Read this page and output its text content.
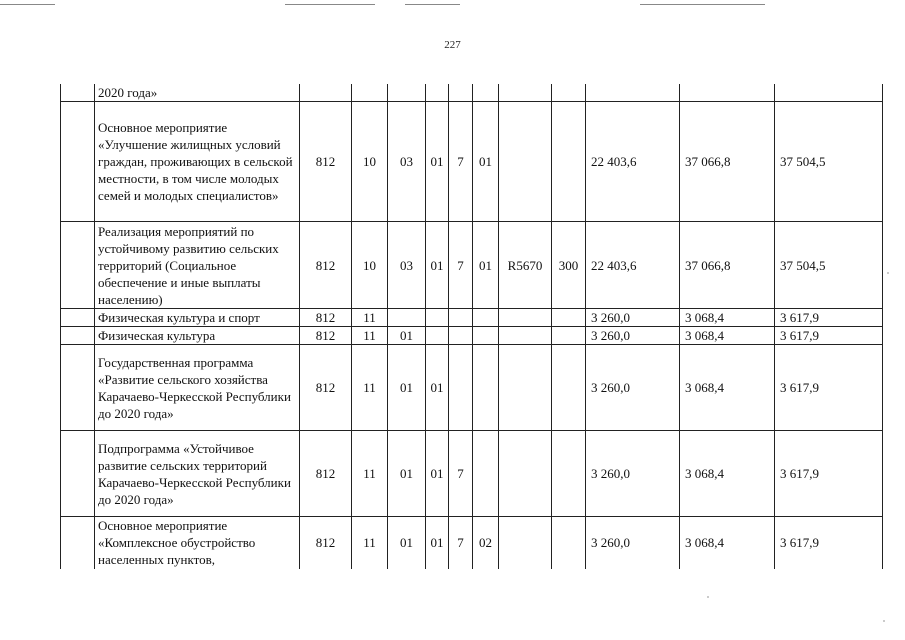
227
	2020 года»											
	Основное мероприятие «Улучшение жилищных условий граждан, проживающих в сельской местности, в том числе молодых семей и молодых специалистов»	812	10	03	01	7	01			22 403,6	37 066,8	37 504,5
	Реализация мероприятий по устойчивому развитию сельских территорий (Социальное обеспечение и иные выплаты населению)	812	10	03	01	7	01	R5670	300	22 403,6	37 066,8	37 504,5
	Физическая культура и спорт	812	11							3 260,0	3 068,4	3 617,9
	Физическая культура	812	11	01						3 260,0	3 068,4	3 617,9
	Государственная программа «Развитие сельского хозяйства Карачаево-Черкесской Республики до 2020 года»	812	11	01	01					3 260,0	3 068,4	3 617,9
	Подпрограмма «Устойчивое развитие сельских территорий Карачаево-Черкесской Республики до 2020 года»	812	11	01	01	7				3 260,0	3 068,4	3 617,9
	Основное мероприятие «Комплексное обустройство населенных пунктов,	812	11	01	01	7	02			3 260,0	3 068,4	3 617,9
